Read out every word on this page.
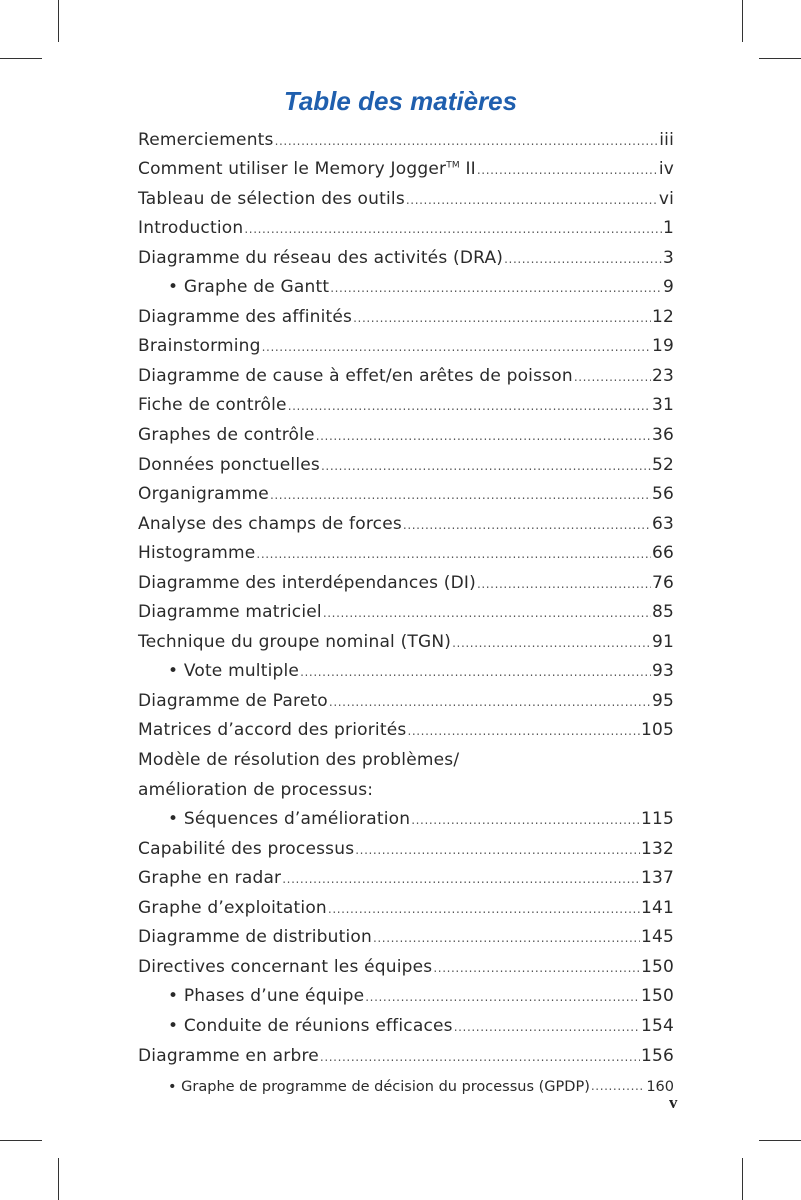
Table des matières
Remerciements .....	iii
Comment utiliser le Memory Jogger™ II .....	iv
Tableau de sélection des outils .....	vi
Introduction .....	1
Diagramme du réseau des activités (DRA) .....	3
• Graphe de Gantt .....	9
Diagramme des affinités .....	12
Brainstorming .....	19
Diagramme de cause à effet/en arêtes de poisson .....	23
Fiche de contrôle .....	31
Graphes de contrôle .....	36
Données ponctuelles .....	52
Organigramme .....	56
Analyse des champs de forces .....	63
Histogramme .....	66
Diagramme des interdépendances (DI) .....	76
Diagramme matriciel .....	85
Technique du groupe nominal (TGN) .....	91
• Vote multiple .....	93
Diagramme de Pareto .....	95
Matrices d’accord des priorités .....	105
Modèle de résolution des problèmes/
amélioration de processus:
• Séquences d’amélioration .....	115
Capabilité des processus .....	132
Graphe en radar .....	137
Graphe d’exploitation .....	141
Diagramme de distribution .....	145
Directives concernant les équipes .....	150
• Phases d’une équipe .....	150
• Conduite de réunions efficaces .....	154
Diagramme en arbre .....	156
• Graphe de programme de décision du processus (GPDP) .....	160
v
